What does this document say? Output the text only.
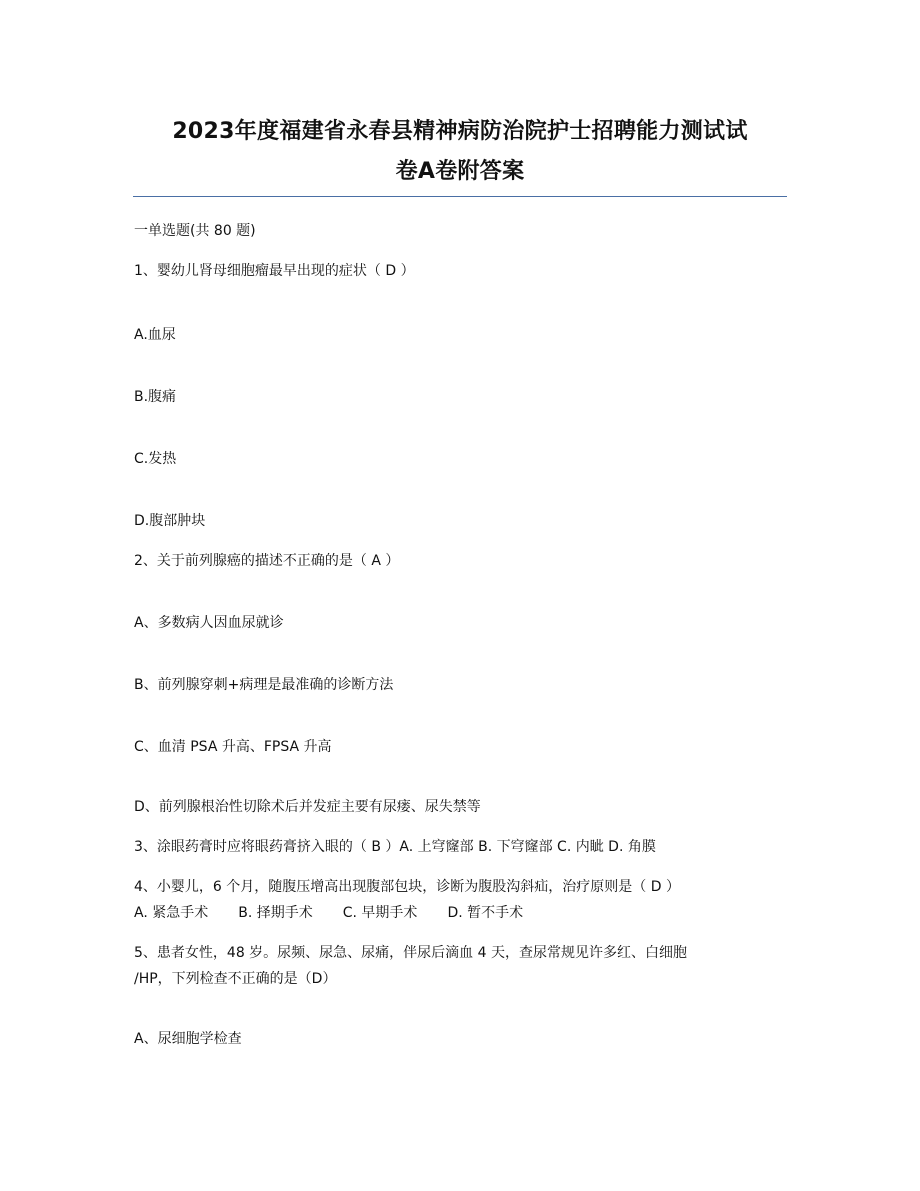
2023年度福建省永春县精神病防治院护士招聘能力测试试
卷A卷附答案
一单选题(共 80 题)
1、婴幼儿肾母细胞瘤最早出现的症状（ D ）
A.血尿
B.腹痛
C.发热
D.腹部肿块
2、关于前列腺癌的描述不正确的是（ A ）
A、多数病人因血尿就诊
B、前列腺穿刺+病理是最准确的诊断方法
C、血清 PSA 升高、FPSA 升高
D、前列腺根治性切除术后并发症主要有尿瘘、尿失禁等
3、涂眼药膏时应将眼药膏挤入眼的（ B ）A. 上穹窿部 B. 下穹窿部 C. 内眦 D. 角膜
4、小婴儿，6 个月，随腹压增高出现腹部包块，诊断为腹股沟斜疝，治疗原则是（ D ）
A. 紧急手术 B. 择期手术 C. 早期手术 D. 暂不手术
5、患者女性，48 岁。尿频、尿急、尿痛，伴尿后滴血 4 天，查尿常规见许多红、白细胞
/HP，下列检查不正确的是（D）
A、尿细胞学检查
